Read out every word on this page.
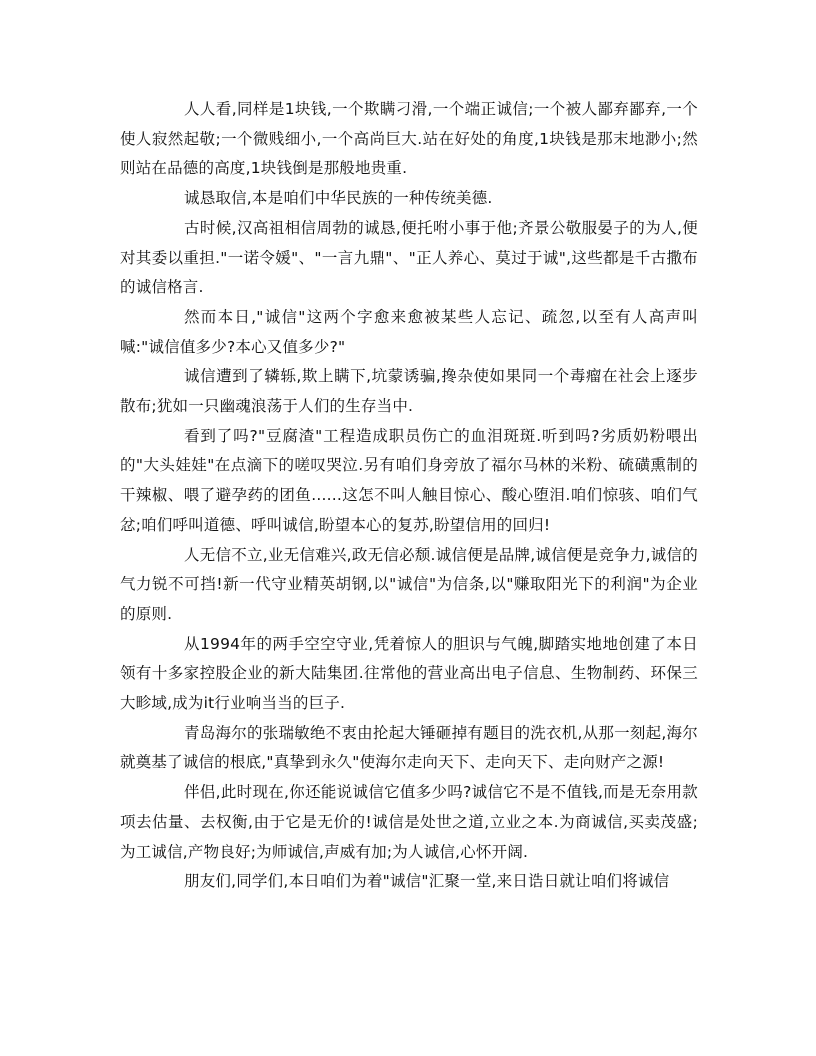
人人看,同样是1块钱,一个欺瞒刁滑,一个端正诚信;一个被人鄙弃鄙弃,一个使人寂然起敬;一个微贱细小,一个高尚巨大.站在好处的角度,1块钱是那末地渺小;然则站在品德的高度,1块钱倒是那般地贵重.

诚恳取信,本是咱们中华民族的一种传统美德.

古时候,汉高祖相信周勃的诚恳,便托咐小事于他;齐景公敬服晏子的为人,便对其委以重担."一诺令媛"、"一言九鼎"、"正人养心、莫过于诚",这些都是千古撒布的诚信格言.

然而本日,"诚信"这两个字愈来愈被某些人忘记、疏忽,以至有人高声叫喊:"诚信值多少?本心又值多少?"

诚信遭到了辚轹,欺上瞒下,坑蒙诱骗,搀杂使如果同一个毒瘤在社会上逐步散布;犹如一只幽魂浪荡于人们的生存当中.

看到了吗?"豆腐渣"工程造成职员伤亡的血泪斑斑.听到吗?劣质奶粉喂出的"大头娃娃"在点滴下的嗟叹哭泣.另有咱们身旁放了福尔马林的米粉、硫磺熏制的干辣椒、喂了避孕药的团鱼......这怎不叫人触目惊心、酸心堕泪.咱们惊骇、咱们气忿;咱们呼叫道德、呼叫诚信,盼望本心的复苏,盼望信用的回归!

人无信不立,业无信难兴,政无信必颓.诚信便是品牌,诚信便是竞争力,诚信的气力锐不可挡!新一代守业精英胡钢,以"诚信"为信条,以"赚取阳光下的利润"为企业的原则.

从1994年的两手空空守业,凭着惊人的胆识与气魄,脚踏实地地创建了本日领有十多家控股企业的新大陆集团.往常他的营业高出电子信息、生物制药、环保三大畛域,成为it行业响当当的巨子.

青岛海尔的张瑞敏绝不衷由抡起大锤砸掉有题目的洗衣机,从那一刻起,海尔就奠基了诚信的根底,"真挚到永久"使海尔走向天下、走向天下、走向财产之源!

伴侣,此时现在,你还能说诚信它值多少吗?诚信它不是不值钱,而是无奈用款项去估量、去权衡,由于它是无价的!诚信是处世之道,立业之本.为商诚信,买卖茂盛;为工诚信,产物良好;为师诚信,声威有加;为人诚信,心怀开阔.

朋友们,同学们,本日咱们为着"诚信"汇聚一堂,来日诰日就让咱们将诚信
